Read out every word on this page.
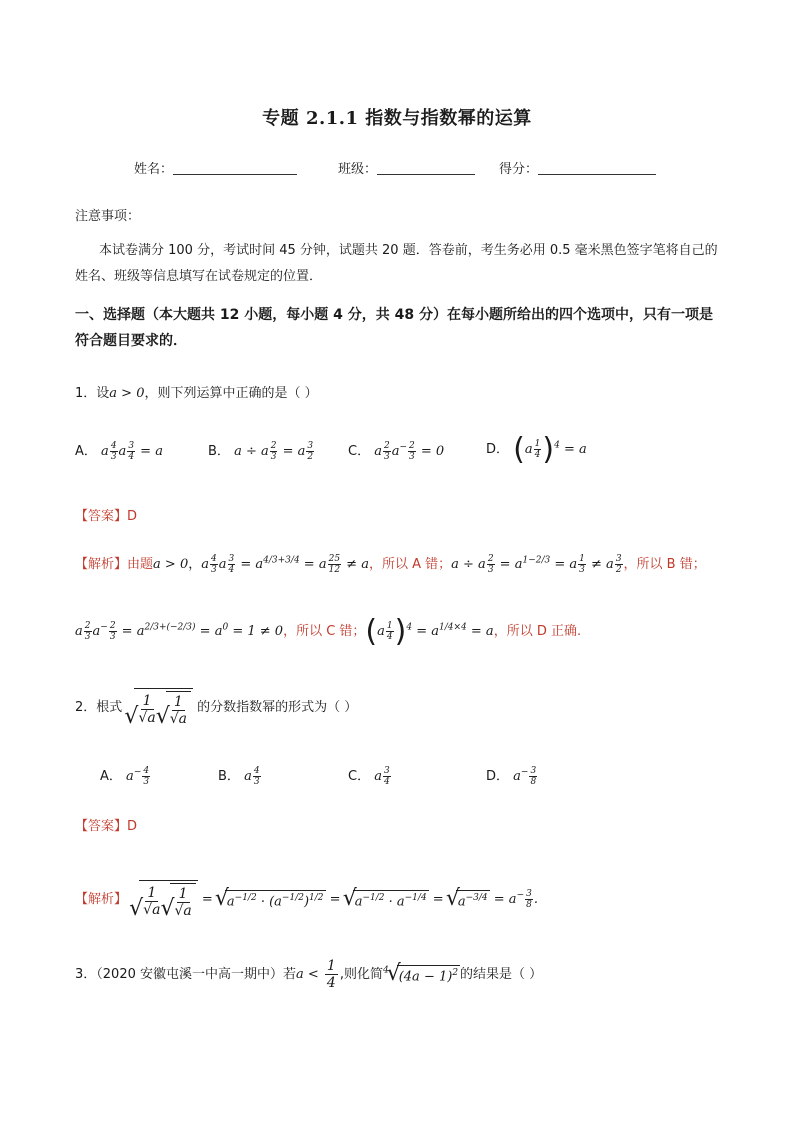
专题 2.1.1 指数与指数幂的运算
姓名：	班级：	得分：
注意事项：
本试卷满分 100 分，考试时间 45 分钟，试题共 20 题．答卷前，考生务必用 0.5 毫米黑色签字笔将自己的姓名、班级等信息填写在试卷规定的位置．
一、选择题（本大题共 12 小题，每小题 4 分，共 48 分）在每小题所给出的四个选项中，只有一项是符合题目要求的．
1．设a > 0，则下列运算中正确的是（ ）
A． a $\frac{4}{3}$ a $\frac{3}{4} = a$	B． a ÷ a $\frac{2}{3} = a \frac{3}{2}$	C． a $\frac{2}{3} a^- \frac{2}{3} = 0$	D． $(a \frac{1}{4} )^4 = a$
【答案】D
【解析】由题a > 0，a $\frac{4}{3}$ a $\frac{3}{4} = a^{4/3+3/4} = a \frac{25}{12} \ne a$，所以 A 错；a ÷ a $\frac{2}{3} = a^{1-2/3} = a \frac{1}{3} \ne a \frac{3}{2}$ ，所以 B 错；
a $\frac{2}{3} a^- \frac{2}{3} = a^{2/3+(-2/3)} = a^0 = 1 \ne 0$，所以 C 错；$(a \frac{1}{4} )^4 = a^{1/4\times 4} = a$，所以 D 正确.
2．根式 √ $\frac{1}{√a}$ √ $\frac{1}{√a}$ 的分数指数幂的形式为（ ）
A． $a^- \frac{4}{3}$	B． a $\frac{4}{3}$	C． a $\frac{3}{4}$	D． $a^- \frac{3}{8}$
【答案】D
【解析】 √ $\frac{1}{√a}$ √ $\frac{1}{√a}$ = √ $a^{-1/2} \cdot (a^{-1/2})^{1/2}$ = √ $a^{-1/2} \cdot a^{-1/4}$ = √ $a^{-3/4} = a^- \frac{3}{8}$ .
3．（2020 安徽屯溪一中高一期中）若$a < \frac{1}{4}$ ,则化简$^4$ √ $(4a - 1)^2$ 的结果是（ ）
